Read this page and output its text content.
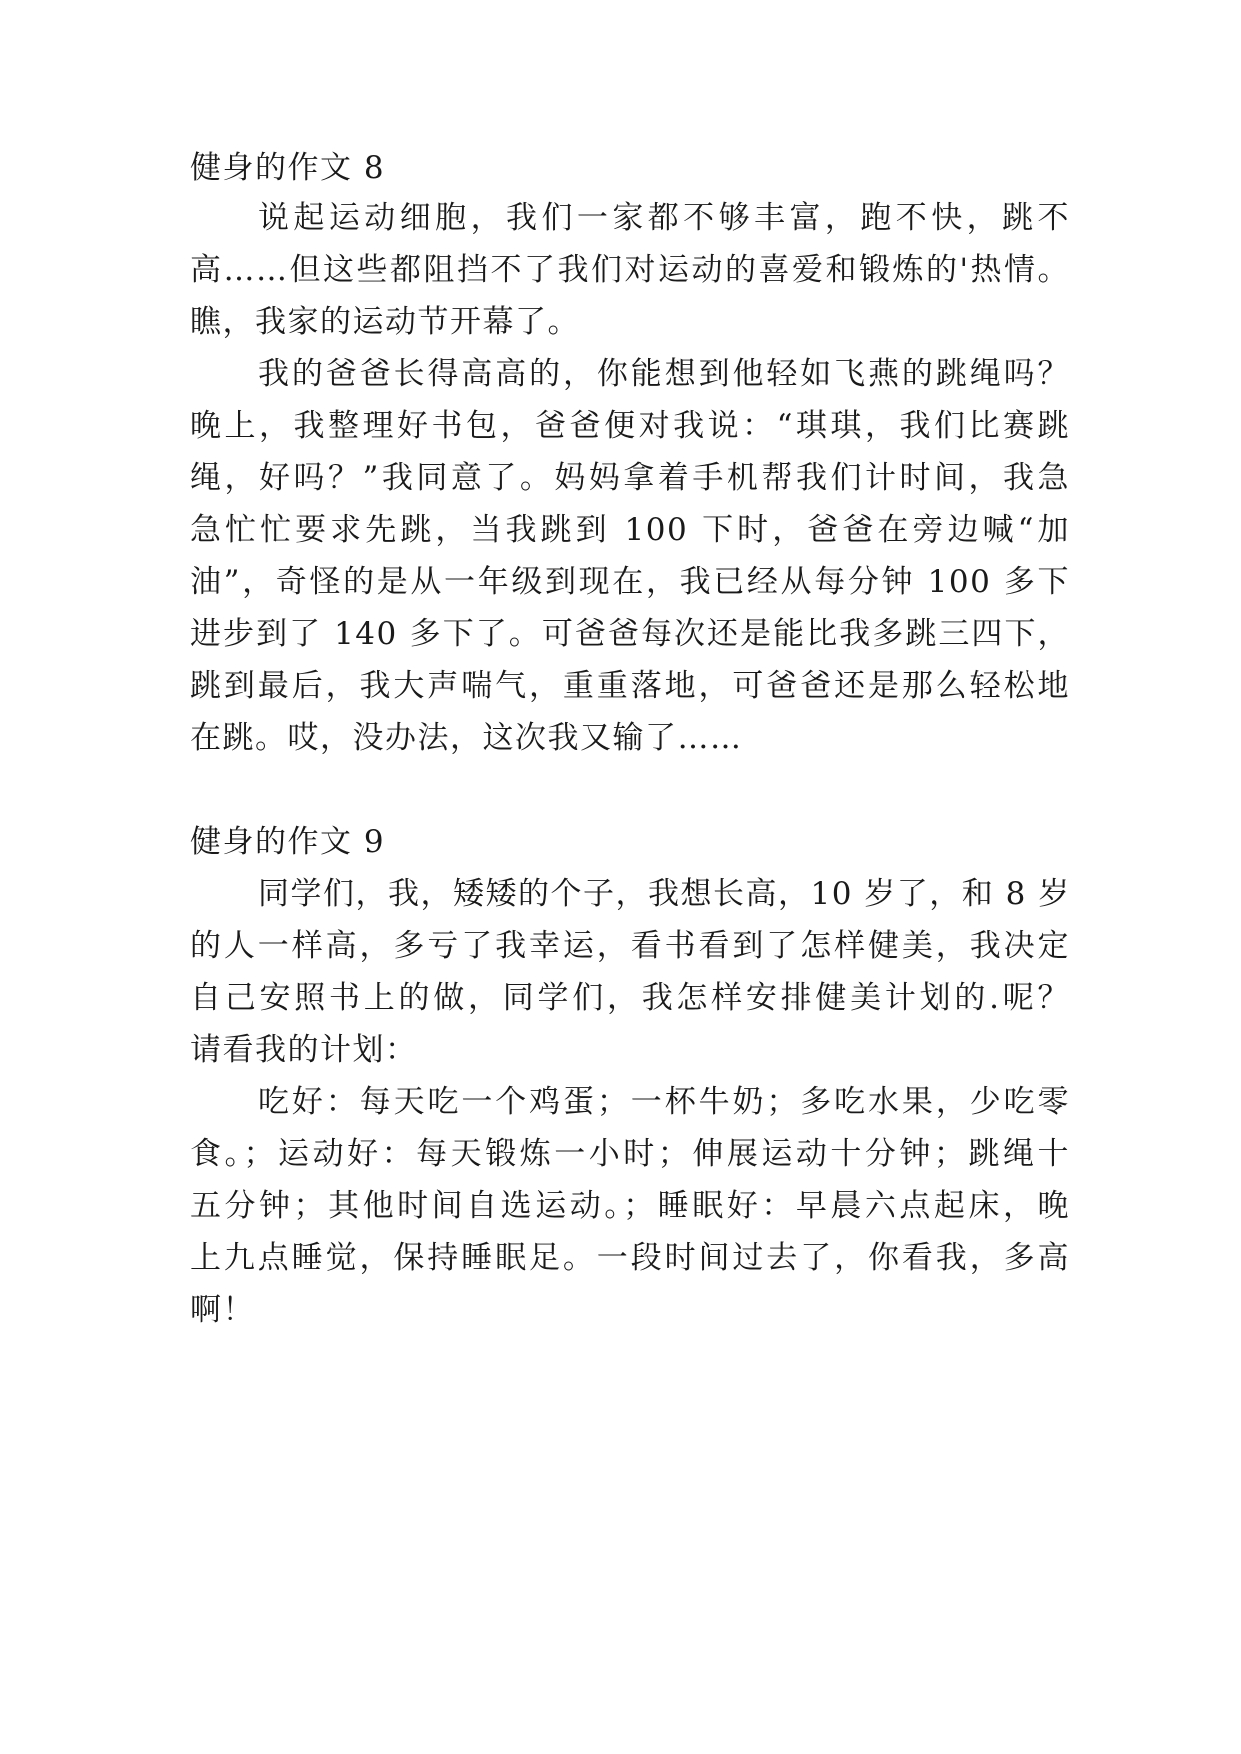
健身的作文 8
说起运动细胞，我们一家都不够丰富，跑不快，跳不
高……但这些都阻挡不了我们对运动的喜爱和锻炼的'热情。
瞧，我家的运动节开幕了。
我的爸爸长得高高的，你能想到他轻如飞燕的跳绳吗？
晚上，我整理好书包，爸爸便对我说：“琪琪，我们比赛跳
绳，好吗？”我同意了。妈妈拿着手机帮我们计时间，我急
急忙忙要求先跳，当我跳到 100 下时，爸爸在旁边喊“加
油”，奇怪的是从一年级到现在，我已经从每分钟 100 多下
进步到了 140 多下了。可爸爸每次还是能比我多跳三四下，
跳到最后，我大声喘气，重重落地，可爸爸还是那么轻松地
在跳。哎，没办法，这次我又输了……
健身的作文 9
同学们，我，矮矮的个子，我想长高，10 岁了，和 8 岁
的人一样高，多亏了我幸运，看书看到了怎样健美，我决定
自己安照书上的做，同学们，我怎样安排健美计划的.呢？
请看我的计划：
吃好：每天吃一个鸡蛋；一杯牛奶；多吃水果，少吃零
食。；运动好：每天锻炼一小时；伸展运动十分钟；跳绳十
五分钟；其他时间自选运动。；睡眠好：早晨六点起床，晚
上九点睡觉，保持睡眠足。一段时间过去了，你看我，多高
啊！
